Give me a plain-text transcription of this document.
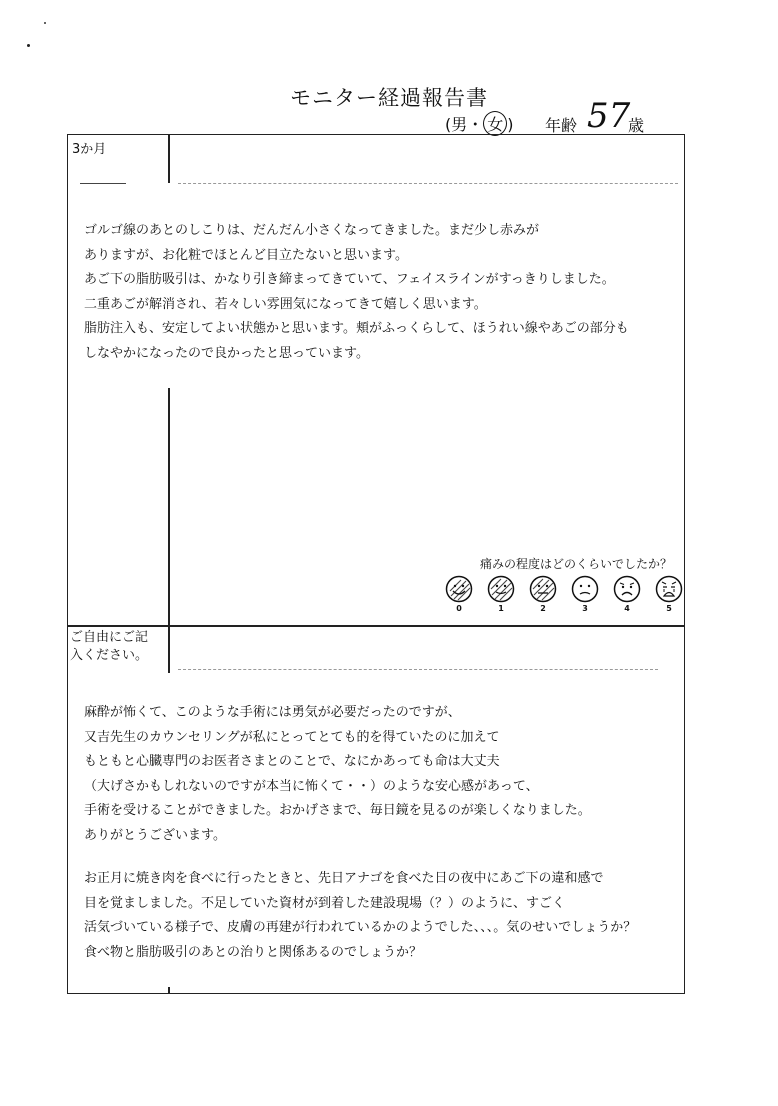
モニター経過報告書
(男・ 女 ) 年齢 57
歳
3か月

ゴルゴ線のあとのしこりは、だんだん小さくなってきました。まだ少し赤みが

ありますが、お化粧でほとんど目立たないと思います。

あご下の脂肪吸引は、かなり引き締まってきていて、フェイスラインがすっきりしました。

二重あごが解消され、若々しい雰囲気になってきて嬉しく思います。

脂肪注入も、安定してよい状態かと思います。頬がふっくらして、ほうれい線やあごの部分も

しなやかになったので良かったと思っています。

痛みの程度はどのくらいでしたか？
0	1	2	3	4	5
ご自由にご記
入ください。

麻酔が怖くて、このような手術には勇気が必要だったのですが、

又吉先生のカウンセリングが私にとってとても的を得ていたのに加えて

もともと心臓専門のお医者さまとのことで、なにかあっても命は大丈夫

（大げさかもしれないのですが本当に怖くて・・）のような安心感があって、

手術を受けることができました。おかげさまで、毎日鏡を見るのが楽しくなりました。

ありがとうございます。

お正月に焼き肉を食べに行ったときと、先日アナゴを食べた日の夜中にあご下の違和感で

目を覚ましました。不足していた資材が到着した建設現場（？）のように、すごく

活気づいている様子で、皮膚の再建が行われているかのようでした、、、。気のせいでしょうか？

食べ物と脂肪吸引のあとの治りと関係あるのでしょうか？
